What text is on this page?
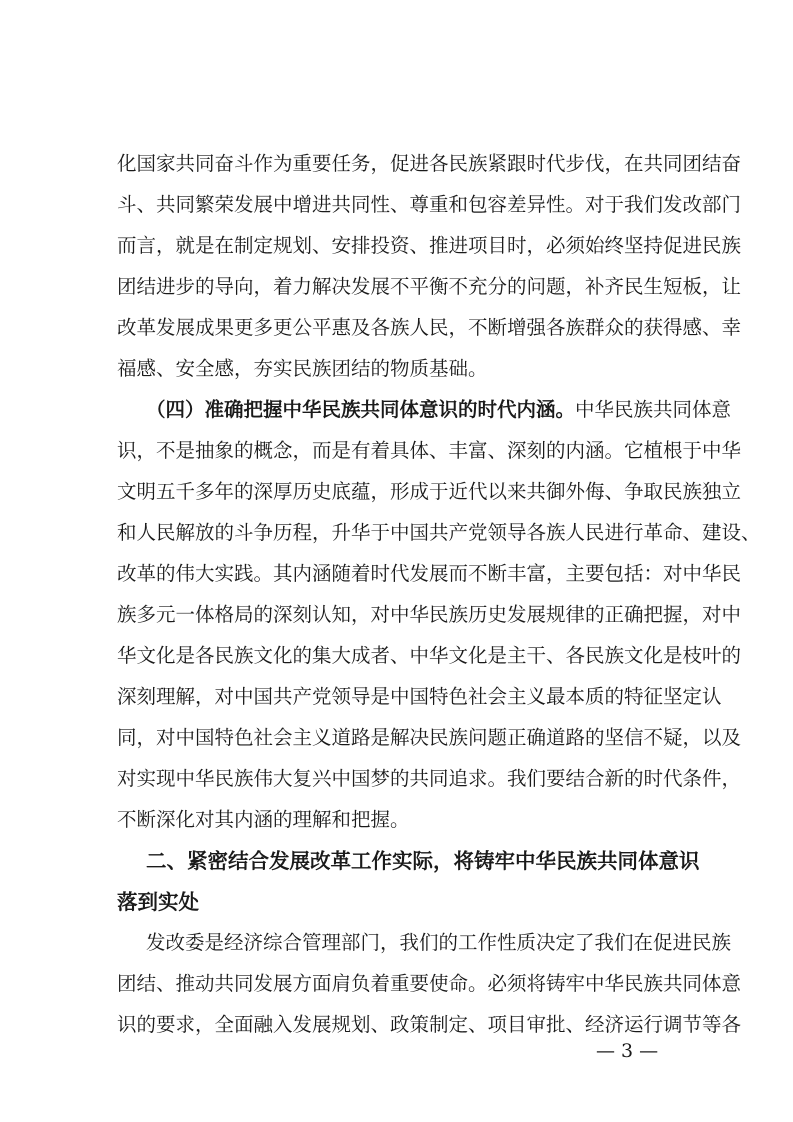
化国家共同奋斗作为重要任务，促进各民族紧跟时代步伐，在共同团结奋
斗、共同繁荣发展中增进共同性、尊重和包容差异性。对于我们发改部门
而言，就是在制定规划、安排投资、推进项目时，必须始终坚持促进民族
团结进步的导向，着力解决发展不平衡不充分的问题，补齐民生短板，让
改革发展成果更多更公平惠及各族人民，不断增强各族群众的获得感、幸
福感、安全感，夯实民族团结的物质基础。
（四）准确把握中华民族共同体意识的时代内涵。中华民族共同体意
识，不是抽象的概念，而是有着具体、丰富、深刻的内涵。它植根于中华
文明五千多年的深厚历史底蕴，形成于近代以来共御外侮、争取民族独立
和人民解放的斗争历程，升华于中国共产党领导各族人民进行革命、建设、
改革的伟大实践。其内涵随着时代发展而不断丰富，主要包括：对中华民
族多元一体格局的深刻认知，对中华民族历史发展规律的正确把握，对中
华文化是各民族文化的集大成者、中华文化是主干、各民族文化是枝叶的
深刻理解，对中国共产党领导是中国特色社会主义最本质的特征坚定认
同，对中国特色社会主义道路是解决民族问题正确道路的坚信不疑，以及
对实现中华民族伟大复兴中国梦的共同追求。我们要结合新的时代条件，
不断深化对其内涵的理解和把握。
二、紧密结合发展改革工作实际，将铸牢中华民族共同体意识
落到实处
发改委是经济综合管理部门，我们的工作性质决定了我们在促进民族
团结、推动共同发展方面肩负着重要使命。必须将铸牢中华民族共同体意
识的要求，全面融入发展规划、政策制定、项目审批、经济运行调节等各
— 3 —
